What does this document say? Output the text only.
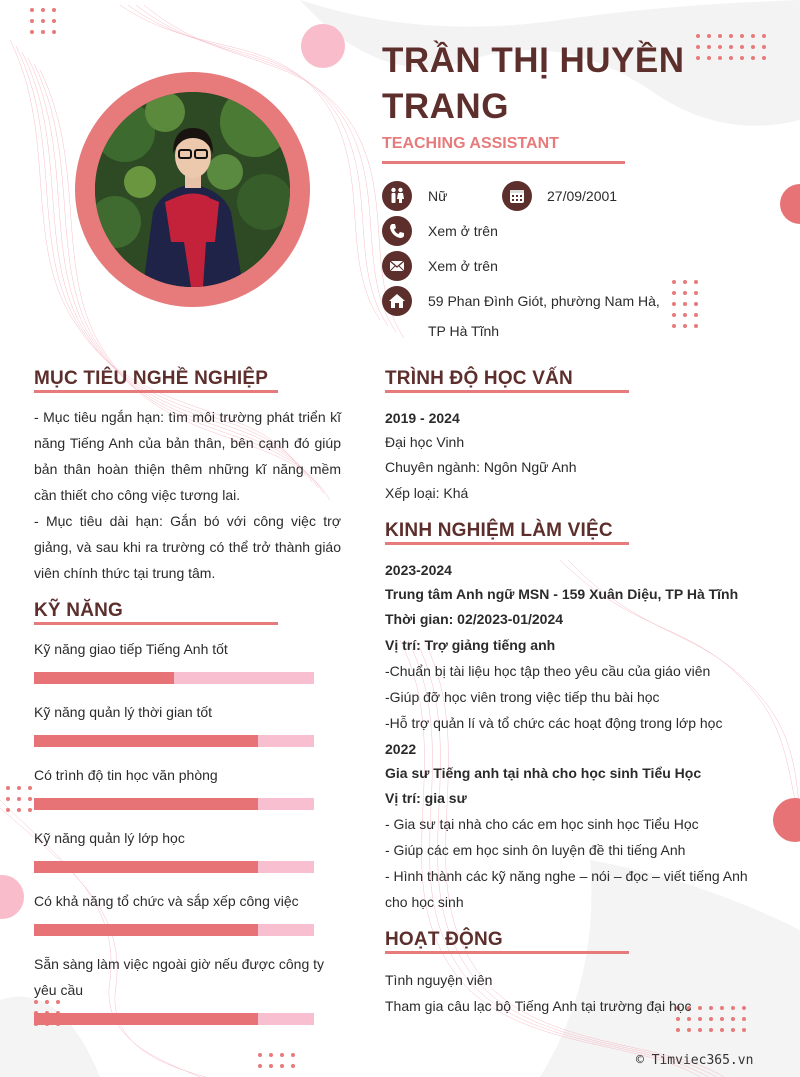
TRẦN THỊ HUYỀN TRANG
TEACHING ASSISTANT
Nữ	27/09/2001
Xem ở trên
Xem ở trên
59 Phan Đình Giót, phường Nam Hà,
TP Hà Tĩnh
MỤC TIÊU NGHỀ NGHIỆP
- Mục tiêu ngắn hạn: tìm môi trường phát triển kĩ năng Tiếng Anh của bản thân, bên cạnh đó giúp bản thân hoàn thiện thêm những kĩ năng mềm cần thiết cho công việc tương lai.
- Mục tiêu dài hạn: Gắn bó với công việc trợ giảng, và sau khi ra trường có thể trở thành giáo viên chính thức tại trung tâm.
KỸ NĂNG
Kỹ năng giao tiếp Tiếng Anh tốt
Kỹ năng quản lý thời gian tốt
Có trình độ tin học văn phòng
Kỹ năng quản lý lớp học
Có khả năng tổ chức và sắp xếp công việc
Sẵn sàng làm việc ngoài giờ nếu được công ty yêu cầu
TRÌNH ĐỘ HỌC VẤN
2019 - 2024
Đại học Vinh
Chuyên ngành: Ngôn Ngữ Anh
Xếp loại: Khá
KINH NGHIỆM LÀM VIỆC
2023-2024
Trung tâm Anh ngữ MSN - 159 Xuân Diệu, TP Hà Tĩnh
Thời gian: 02/2023-01/2024
Vị trí: Trợ giảng tiếng anh
-Chuẩn bị tài liệu học tập theo yêu cầu của giáo viên
-Giúp đỡ học viên trong việc tiếp thu bài học
-Hỗ trợ quản lí và tổ chức các hoạt động trong lớp học
2022
Gia sư Tiếng anh tại nhà cho học sinh Tiểu Học
Vị trí: gia sư
- Gia sư tại nhà cho các em học sinh học Tiểu Học
- Giúp các em học sinh ôn luyện đề thi tiếng Anh
- Hình thành các kỹ năng nghe – nói – đọc – viết tiếng Anh
cho học sinh
HOẠT ĐỘNG
Tình nguyện viên
Tham gia câu lạc bộ Tiếng Anh tại trường đại học
© Timviec365.vn
